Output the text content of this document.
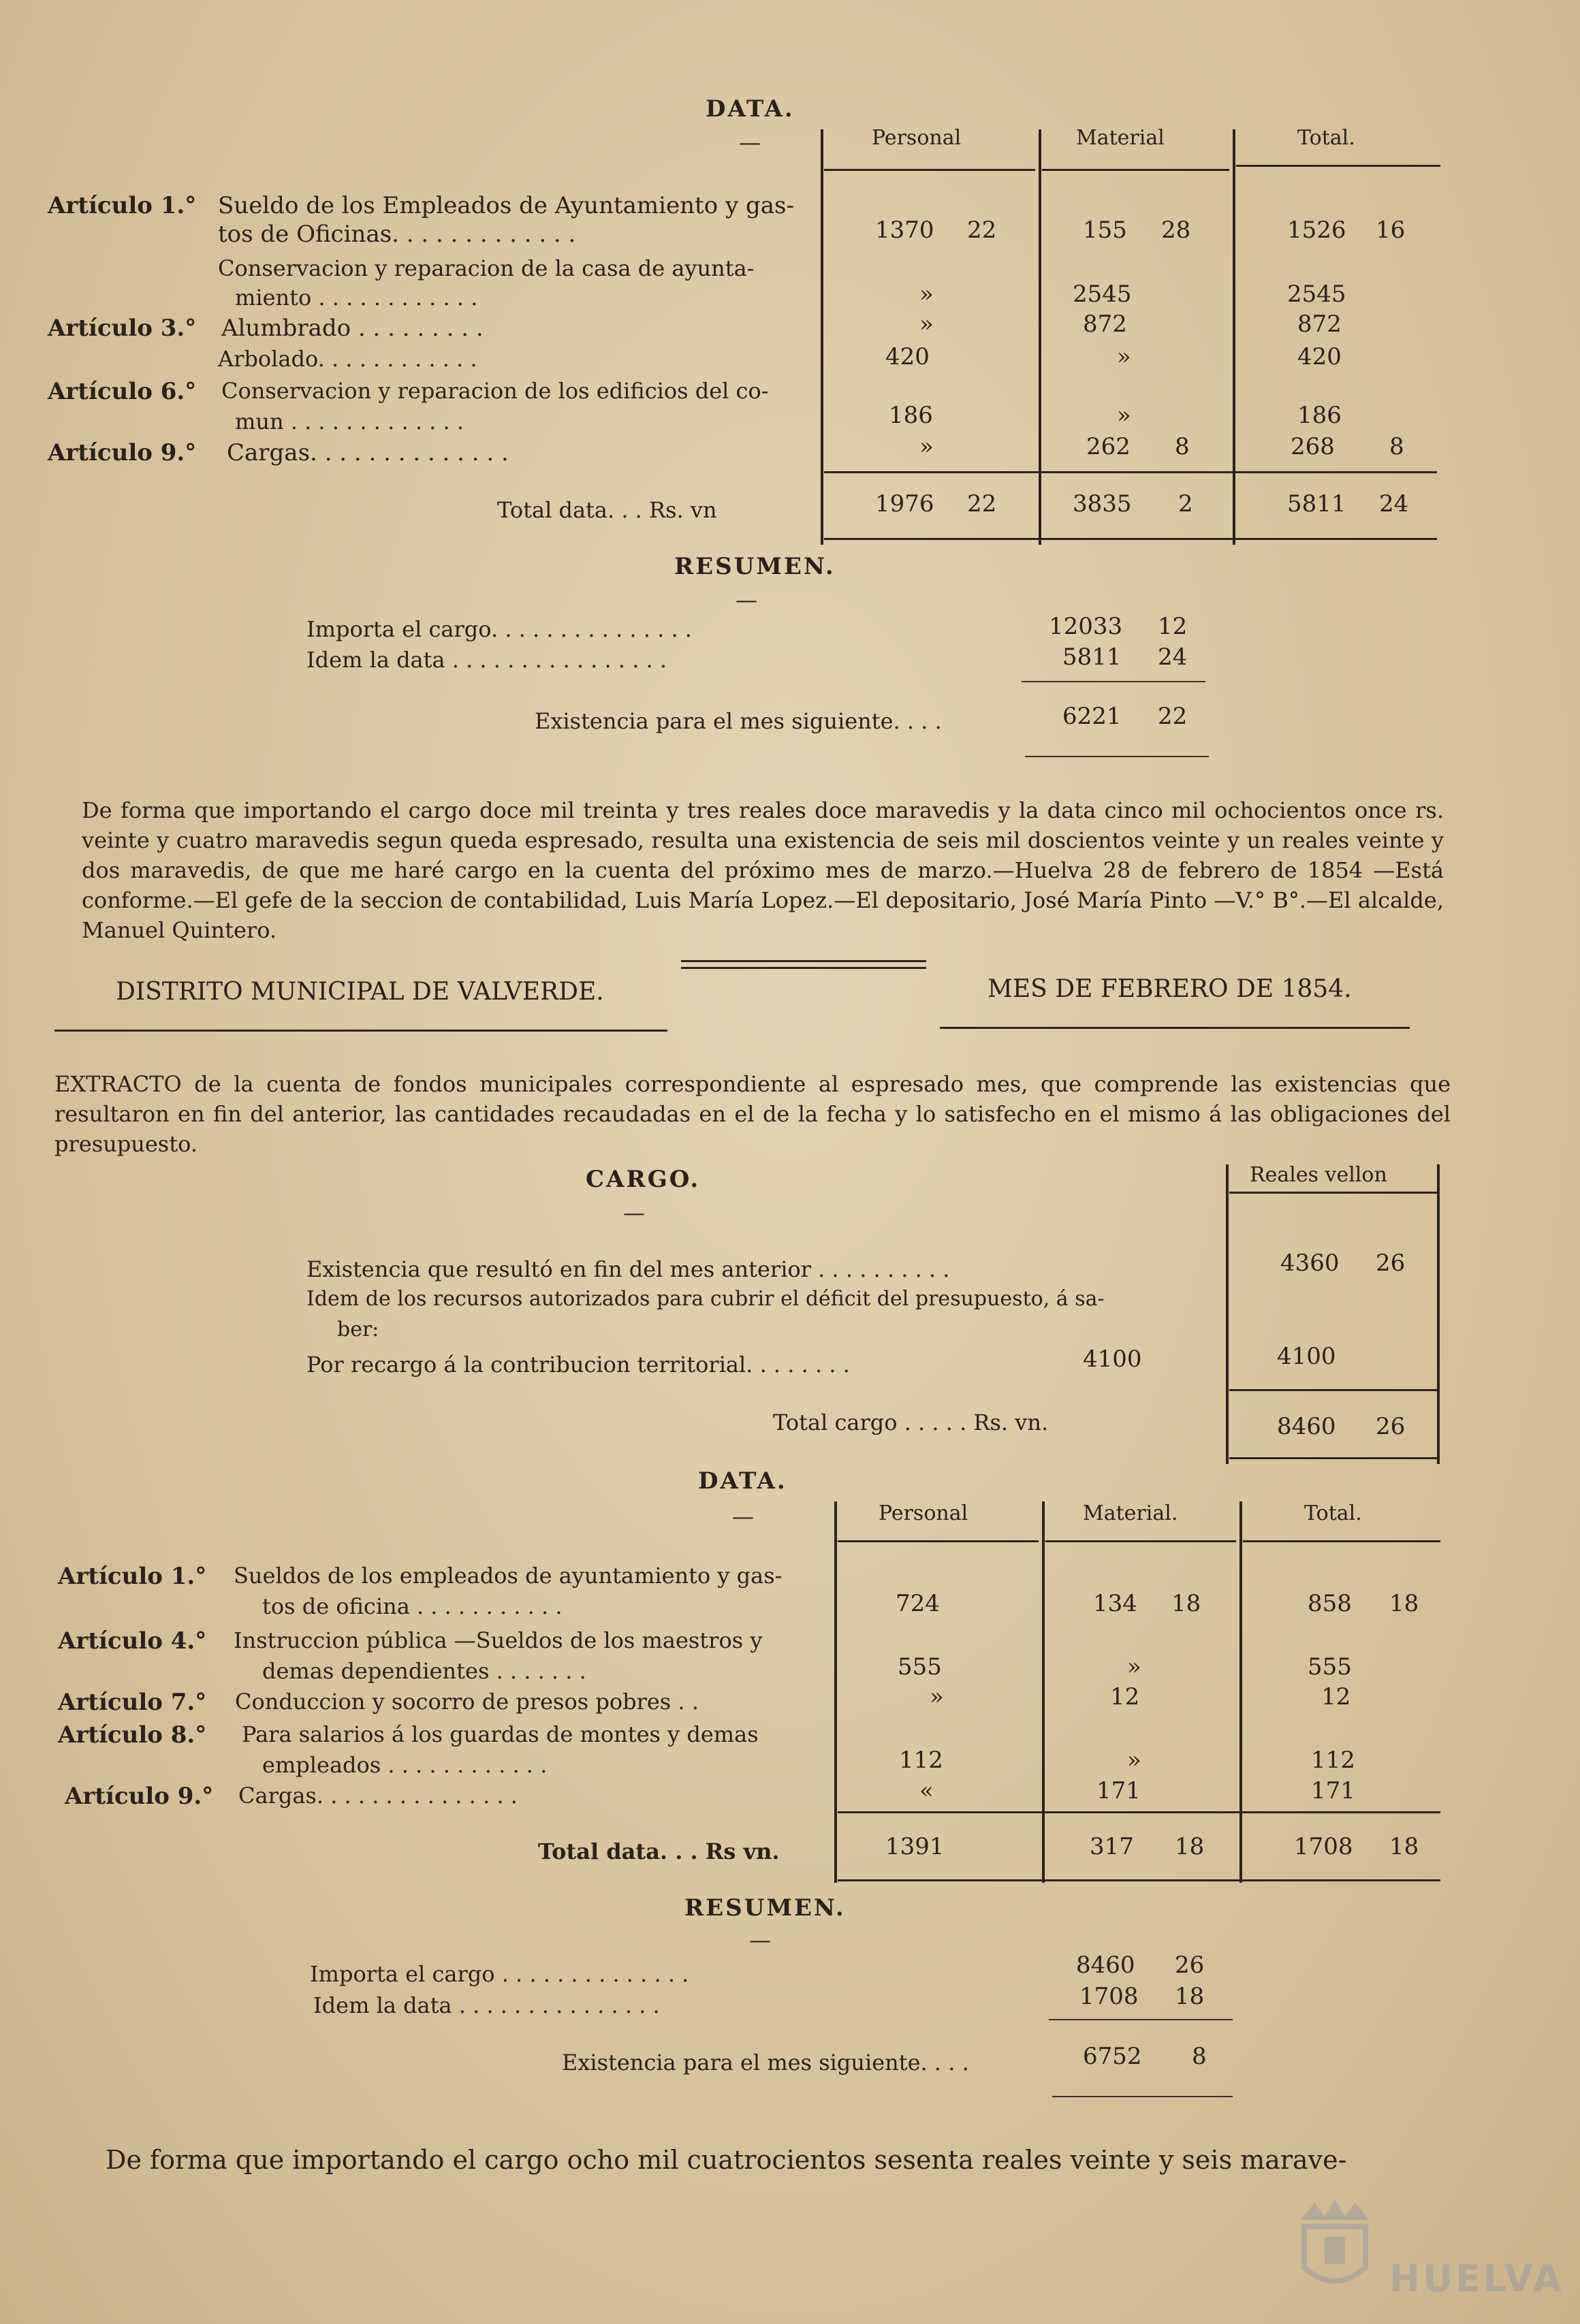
DATA.
—	Personal	Material	Total.
Artículo 1.° Sueldo de los Empleados de Ayuntamiento y gas-
tos de Oficinas. . . . . . . . . . . . .	1370 22	155 28	1526 16
Conservacion y reparacion de la casa de ayunta-
miento . . . . . . . . . . . .	»	2545	2545
Artículo 3.° Alumbrado . . . . . . . . .	»	872	872
Arbolado. . . . . . . . . . . .	420	»	420
Artículo 6.° Conservacion y reparacion de los edificios del co-
mun . . . . . . . . . . . . .	186	»	186
Artículo 9.° Cargas. . . . . . . . . . . . . .	»	262 8	268 8
Total data. . . Rs. vn	1976 22	3835 2	5811 24
RESUMEN.
—
Importa el cargo. . . . . . . . . . . . . . .	12033 12
Idem la data . . . . . . . . . . . . . . . .	5811 24
Existencia para el mes siguiente. . . .	6221 22
De forma que importando el cargo doce mil treinta y tres reales doce maravedis y la data cinco mil ochocientos once rs. veinte y cuatro maravedis segun queda espresado, resulta una existencia de seis mil doscientos veinte y un reales veinte y dos maravedis, de que me haré cargo en la cuenta del próximo mes de marzo.—Huelva 28 de febrero de 1854 —Está conforme.—El gefe de la seccion de contabilidad, Luis María Lopez.—El depositario, José María Pinto —V.° B°.—El alcalde, Manuel Quintero.
DISTRITO MUNICIPAL DE VALVERDE.	MES DE FEBRERO DE 1854.
EXTRACTO de la cuenta de fondos municipales correspondiente al espresado mes, que comprende las existencias que resultaron en fin del anterior, las cantidades recaudadas en el de la fecha y lo satisfecho en el mismo á las obligaciones del presupuesto.
CARGO.
—
Reales vellon
Existencia que resultó en fin del mes anterior . . . . . . . . . .	4360 26
Idem de los recursos autorizados para cubrir el déficit del presupuesto, á sa-
ber:
Por recargo á la contribucion territorial. . . . . . . .	4100	4100
Total cargo . . . . . Rs. vn.	8460 26
DATA.
—	Personal	Material.	Total.
Artículo 1.° Sueldos de los empleados de ayuntamiento y gas-
tos de oficina . . . . . . . . . . .	724	134 18	858 18
Artículo 4.° Instruccion pública —Sueldos de los maestros y
demas dependientes . . . . . . .	555	»	555
Artículo 7.° Conduccion y socorro de presos pobres . .	»	12	12
Artículo 8.° Para salarios á los guardas de montes y demas
empleados . . . . . . . . . . . .	112	»	112
Artículo 9.° Cargas. . . . . . . . . . . . . . .	«	171	171
Total data. . . Rs vn.	1391	317 18	1708 18
RESUMEN.
—
Importa el cargo . . . . . . . . . . . . . .	8460 26
Idem la data . . . . . . . . . . . . . . .	1708 18
Existencia para el mes siguiente. . . .	6752 8
De forma que importando el cargo ocho mil cuatrocientos sesenta reales veinte y seis marave-
HUELVA
